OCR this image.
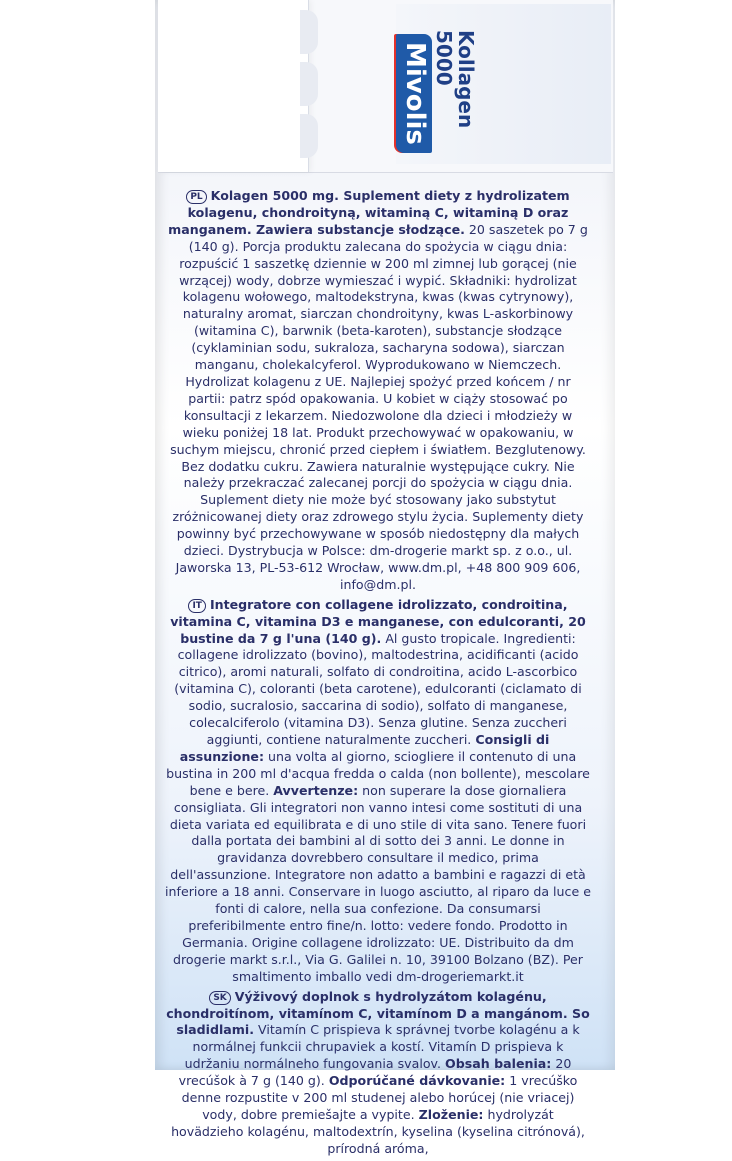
Mivolis Kollagen
5000

PL Kolagen 5000 mg. Suplement diety z hydrolizatem kolagenu, chondroityną, witaminą C, witaminą D oraz manganem. Zawiera substancje słodzące. 20 saszetek po 7 g (140 g). Porcja produktu zalecana do spożycia w ciągu dnia: rozpuścić 1 saszetkę dziennie w 200 ml zimnej lub gorącej (nie wrzącej) wody, dobrze wymieszać i wypić. Składniki: hydrolizat kolagenu wołowego, maltodekstryna, kwas (kwas cytrynowy), naturalny aromat, siarczan chondroityny, kwas L-askorbinowy (witamina C), barwnik (beta-karoten), substancje słodzące (cyklaminian sodu, sukraloza, sacharyna sodowa), siarczan manganu, cholekalcyferol. Wyprodukowano w Niemczech. Hydrolizat kolagenu z UE. Najlepiej spożyć przed końcem / nr partii: patrz spód opakowania. U kobiet w ciąży stosować po konsultacji z lekarzem. Niedozwolone dla dzieci i młodzieży w wieku poniżej 18 lat. Produkt przechowywać w opakowaniu, w suchym miejscu, chronić przed ciepłem i światłem. Bezglutenowy. Bez dodatku cukru. Zawiera naturalnie występujące cukry. Nie należy przekraczać zalecanej porcji do spożycia w ciągu dnia. Suplement diety nie może być stosowany jako substytut zróżnicowanej diety oraz zdrowego stylu życia. Suplementy diety powinny być przechowywane w sposób niedostępny dla małych dzieci. Dystrybucja w Polsce: dm-drogerie markt sp. z o.o., ul. Jaworska 13, PL-53-612 Wrocław, www.dm.pl, +48 800 909 606, info@dm.pl.

IT Integratore con collagene idrolizzato, condroitina, vitamina C, vitamina D3 e manganese, con edulcoranti, 20 bustine da 7 g l'una (140 g). Al gusto tropicale. Ingredienti: collagene idrolizzato (bovino), maltodestrina, acidificanti (acido citrico), aromi naturali, solfato di condroitina, acido L-ascorbico (vitamina C), coloranti (beta carotene), edulcoranti (ciclamato di sodio, sucralosio, saccarina di sodio), solfato di manganese, colecalciferolo (vitamina D3). Senza glutine. Senza zuccheri aggiunti, contiene naturalmente zuccheri. Consigli di assunzione: una volta al giorno, sciogliere il contenuto di una bustina in 200 ml d'acqua fredda o calda (non bollente), mescolare bene e bere. Avvertenze: non superare la dose giornaliera consigliata. Gli integratori non vanno intesi come sostituti di una dieta variata ed equilibrata e di uno stile di vita sano. Tenere fuori dalla portata dei bambini al di sotto dei 3 anni. Le donne in gravidanza dovrebbero consultare il medico, prima dell'assunzione. Integratore non adatto a bambini e ragazzi di età inferiore a 18 anni. Conservare in luogo asciutto, al riparo da luce e fonti di calore, nella sua confezione. Da consumarsi preferibilmente entro fine/n. lotto: vedere fondo. Prodotto in Germania. Origine collagene idrolizzato: UE. Distribuito da dm drogerie markt s.r.l., Via G. Galilei n. 10, 39100 Bolzano (BZ). Per smaltimento imballo vedi dm-drogeriemarkt.it

SK Výživový doplnok s hydrolyzátom kolagénu, chondroitínom, vitamínom C, vitamínom D a mangánom. So sladidlami. Vitamín C prispieva k správnej tvorbe kolagénu a k normálnej funkcii chrupaviek a kostí. Vitamín D prispieva k udržaniu normálneho fungovania svalov. Obsah balenia: 20 vrecúšok à 7 g (140 g). Odporúčané dávkovanie: 1 vrecúško denne rozpustite v 200 ml studenej alebo horúcej (nie vriacej) vody, dobre premiešajte a vypite. Zloženie: hydrolyzát hovädzieho kolagénu, maltodextrín, kyselina (kyselina citrónová), prírodná aróma,
